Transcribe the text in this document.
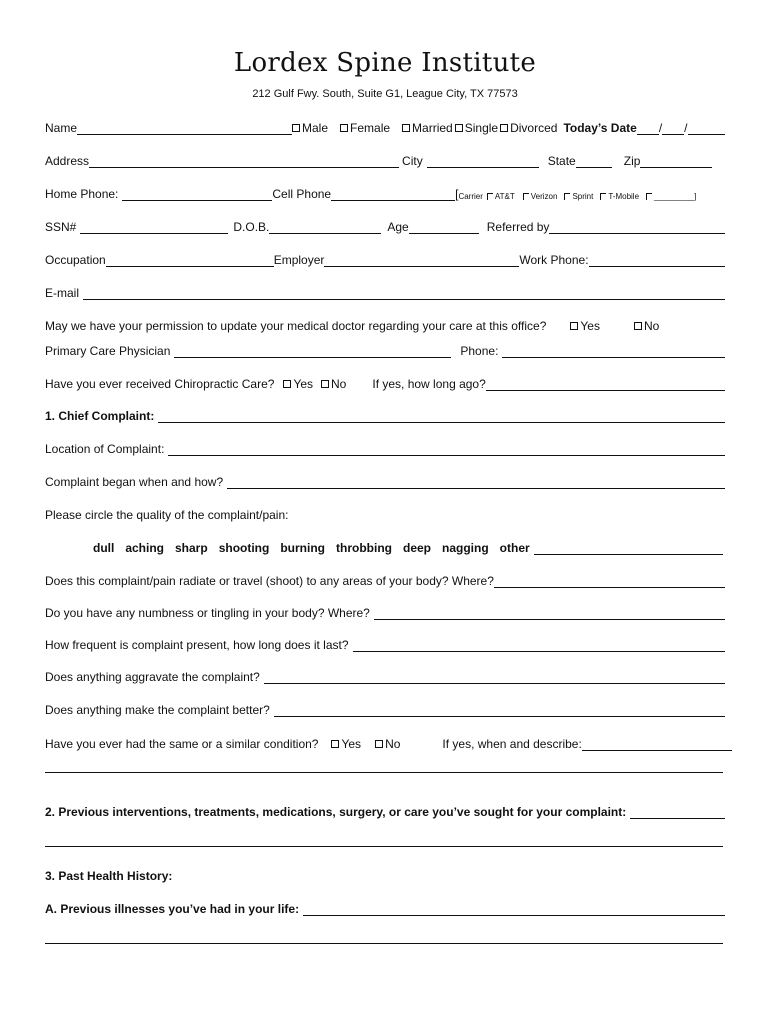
Lordex Spine Institute
212 Gulf Fwy. South, Suite G1, League City, TX 77573
Name	Male Female Married Single Divorced Today’s Date / /
Address	City	State	Zip
Home Phone:	Cell Phone	[ Carrier AT&T Verizon Sprint T-Mobile _________]
SSN#	D.O.B.	Age	Referred by
Occupation	Employer	Work Phone:
E-mail
May we have your permission to update your medical doctor regarding your care at this office?	Yes	No
Primary Care Physician	Phone:
Have you ever received Chiropractic Care? Yes No If yes, how long ago?
1. Chief Complaint:
Location of Complaint:
Complaint began when and how?
Please circle the quality of the complaint/pain:
dull aching sharp shooting burning throbbing deep nagging other
Does this complaint/pain radiate or travel (shoot) to any areas of your body? Where?
Do you have any numbness or tingling in your body? Where?
How frequent is complaint present, how long does it last?
Does anything aggravate the complaint?
Does anything make the complaint better?
Have you ever had the same or a similar condition? Yes No	If yes, when and describe:
2. Previous interventions, treatments, medications, surgery, or care you’ve sought for your complaint:
3. Past Health History:
A. Previous illnesses you’ve had in your life:
